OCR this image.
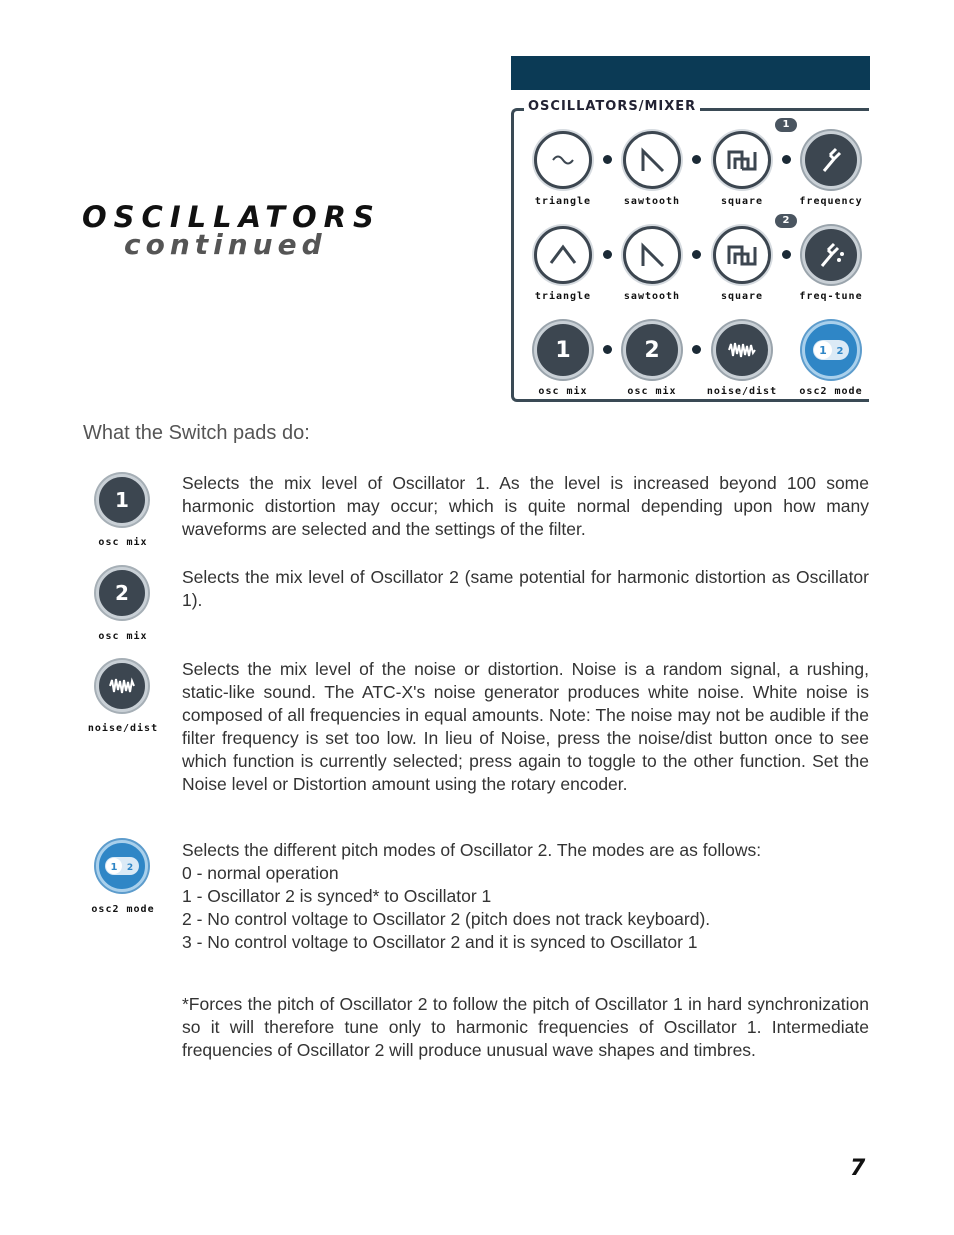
OSCILLATORS
continued
OSCILLATORS/MIXER
1
2
triangle	sawtooth	square	frequency
triangle	sawtooth	square	freq-tune
1	2	1 2
osc mix	osc mix	noise/dist	osc2 mode
What the Switch pads do:
1
osc mix

Selects the mix level of Oscillator 1. As the level is increased beyond 100 some harmonic distortion may occur; which is quite normal depending upon how many waveforms are selected and the settings of the filter.

2
osc mix

Selects the mix level of Oscillator 2 (same potential for harmonic distortion as Oscillator 1).

noise/dist

Selects the mix level of the noise or distortion. Noise is a random signal, a rushing, static-like sound. The ATC-X's noise generator produces white noise. White noise is composed of all frequencies in equal amounts. Note: The noise may not be audible if the filter frequency is set too low. In lieu of Noise, press the noise/dist button once to see which function is currently selected; press again to toggle to the other function. Set the Noise level or Distortion amount using the rotary encoder.

1 2
osc2 mode

Selects the different pitch modes of Oscillator 2. The modes are as follows:

0 - normal operation

1 - Oscillator 2 is synced* to Oscillator 1

2 - No control voltage to Oscillator 2 (pitch does not track keyboard).

3 - No control voltage to Oscillator 2 and it is synced to Oscillator 1

*Forces the pitch of Oscillator 2 to follow the pitch of Oscillator 1 in hard synchronization so it will therefore tune only to harmonic frequencies of Oscillator 1. Intermediate frequencies of Oscillator 2 will produce unusual wave shapes and timbres.

7
